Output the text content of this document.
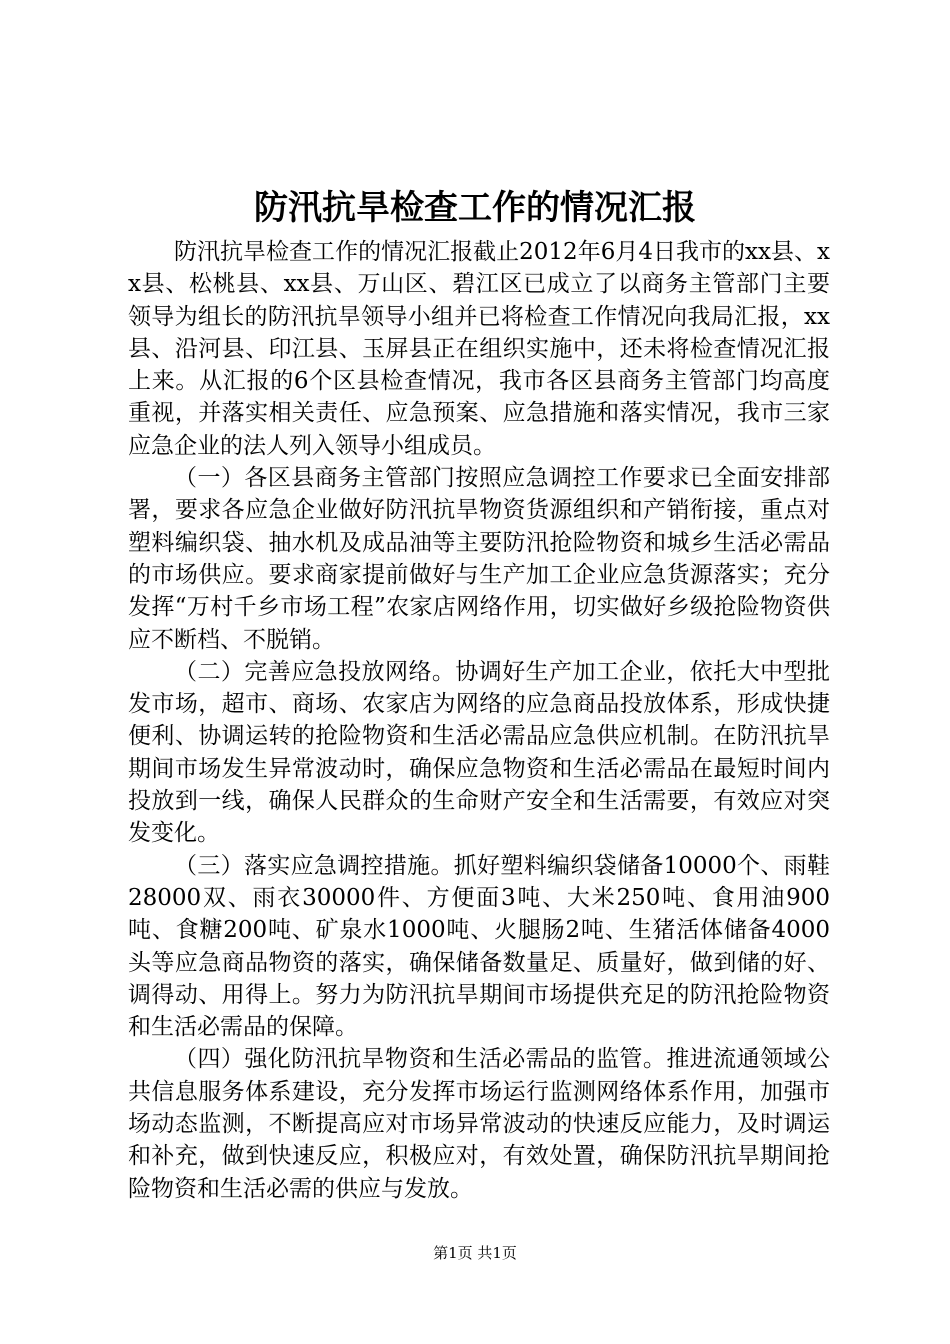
防汛抗旱检查工作的情况汇报

防汛抗旱检查工作的情况汇报截止2012年6月4日我市的xx县、xx县、松桃县、xx县、万山区、碧江区已成立了以商务主管部门主要领导为组长的防汛抗旱领导小组并已将检查工作情况向我局汇报，xx县、沿河县、印江县、玉屏县正在组织实施中，还未将检查情况汇报上来。从汇报的6个区县检查情况，我市各区县商务主管部门均高度重视，并落实相关责任、应急预案、应急措施和落实情况，我市三家应急企业的法人列入领导小组成员。

（一）各区县商务主管部门按照应急调控工作要求已全面安排部署，要求各应急企业做好防汛抗旱物资货源组织和产销衔接，重点对塑料编织袋、抽水机及成品油等主要防汛抢险物资和城乡生活必需品的市场供应。要求商家提前做好与生产加工企业应急货源落实；充分发挥“万村千乡市场工程”农家店网络作用，切实做好乡级抢险物资供应不断档、不脱销。

（二）完善应急投放网络。协调好生产加工企业，依托大中型批发市场，超市、商场、农家店为网络的应急商品投放体系，形成快捷便利、协调运转的抢险物资和生活必需品应急供应机制。在防汛抗旱期间市场发生异常波动时，确保应急物资和生活必需品在最短时间内投放到一线，确保人民群众的生命财产安全和生活需要，有效应对突发变化。

（三）落实应急调控措施。抓好塑料编织袋储备10000个、雨鞋28000双、雨衣30000件、方便面3吨、大米250吨、食用油900吨、食糖200吨、矿泉水1000吨、火腿肠2吨、生猪活体储备4000头等应急商品物资的落实，确保储备数量足、质量好，做到储的好、调得动、用得上。努力为防汛抗旱期间市场提供充足的防汛抢险物资和生活必需品的保障。

（四）强化防汛抗旱物资和生活必需品的监管。推进流通领域公共信息服务体系建设，充分发挥市场运行监测网络体系作用，加强市场动态监测，不断提高应对市场异常波动的快速反应能力，及时调运和补充，做到快速反应，积极应对，有效处置，确保防汛抗旱期间抢险物资和生活必需的供应与发放。

第1页 共1页
